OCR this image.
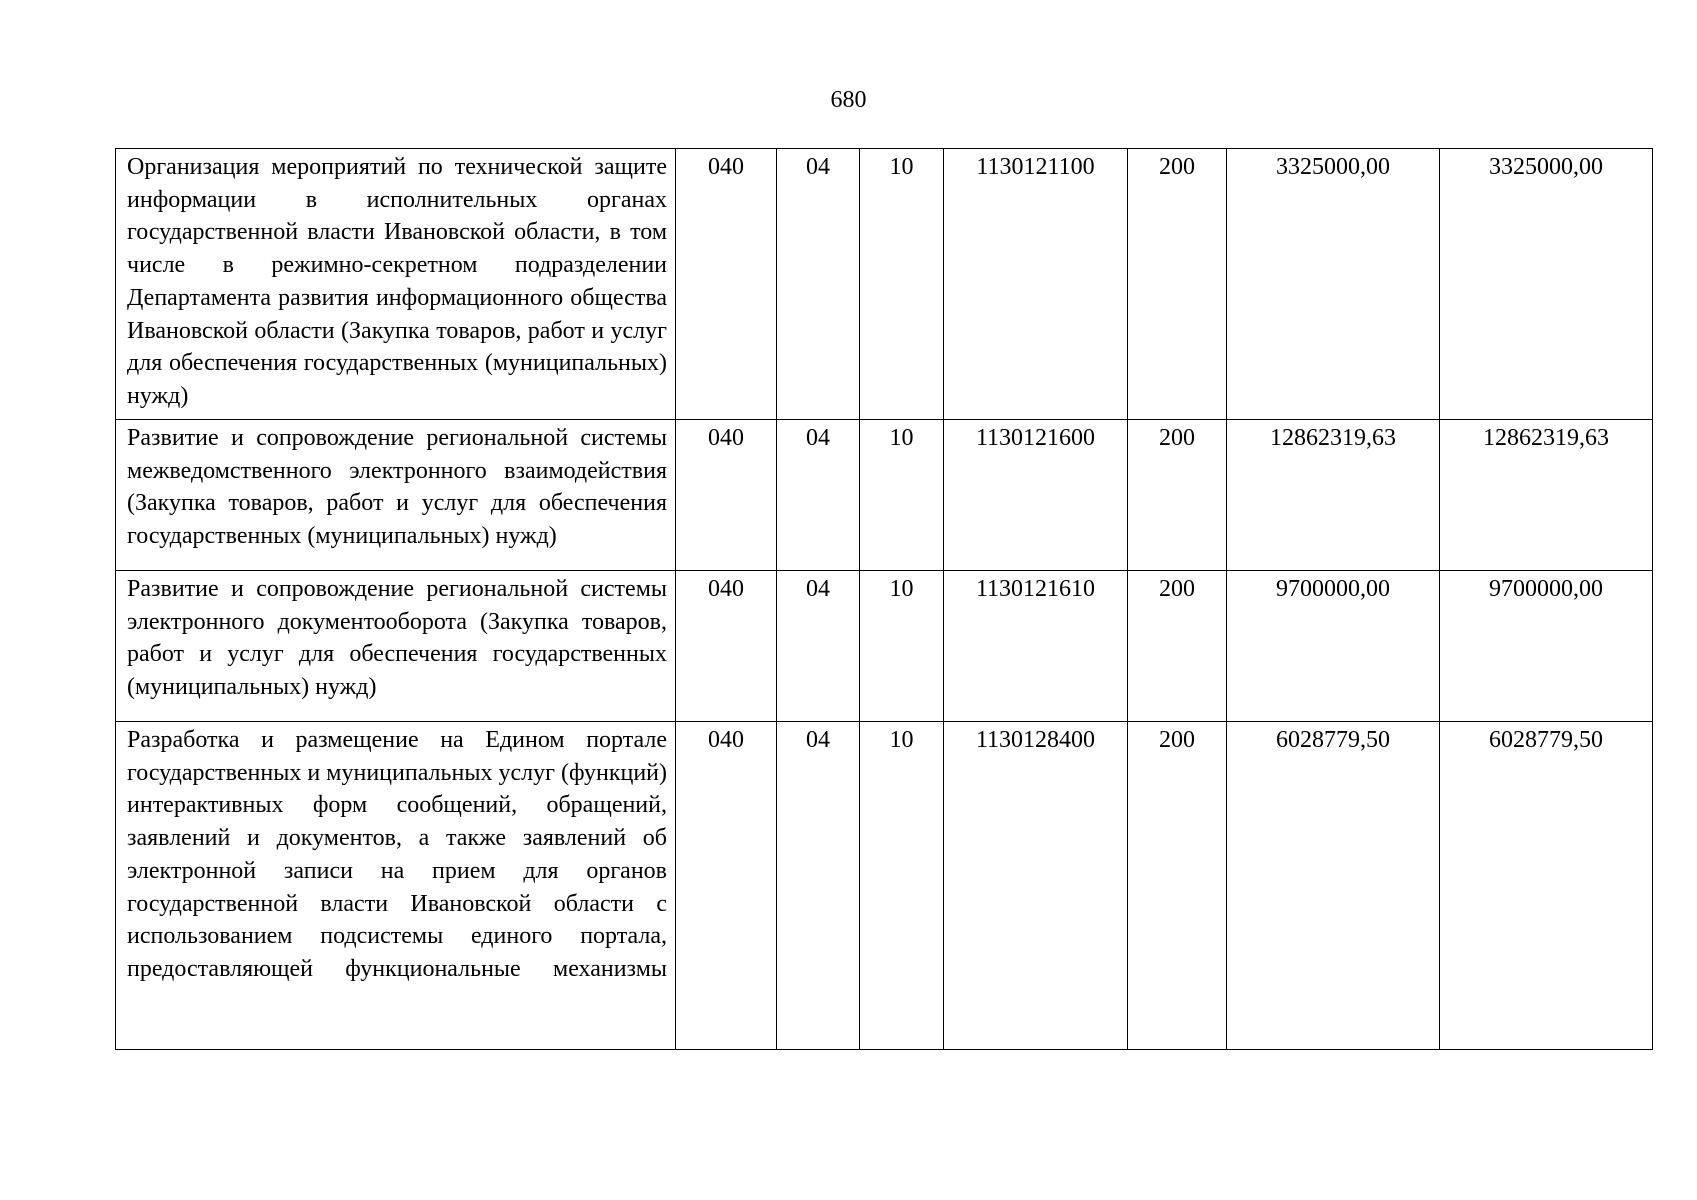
680
Организация мероприятий по технической защите информации в исполнительных органах государственной власти Ивановской области, в том числе в режимно-секретном подразделении Департамента развития информационного общества Ивановской области (Закупка товаров, работ и услуг для обеспечения государственных (муниципальных) нужд)	040	04	10	1130121100	200	3325000,00	3325000,00
Развитие и сопровождение региональной системы межведомственного электронного взаимодействия (Закупка товаров, работ и услуг для обеспечения государственных (муниципальных) нужд)	040	04	10	1130121600	200	12862319,63	12862319,63
Развитие и сопровождение региональной системы электронного документооборота (Закупка товаров, работ и услуг для обеспечения государственных (муниципальных) нужд)	040	04	10	1130121610	200	9700000,00	9700000,00
Разработка и размещение на Едином портале государственных и муниципальных услуг (функций) интерактивных форм сообщений, обращений, заявлений и документов, а также заявлений об электронной записи на прием для органов государственной власти Ивановской области с использованием подсистемы единого портала, предоставляющей функциональные механизмы	040	04	10	1130128400	200	6028779,50	6028779,50
